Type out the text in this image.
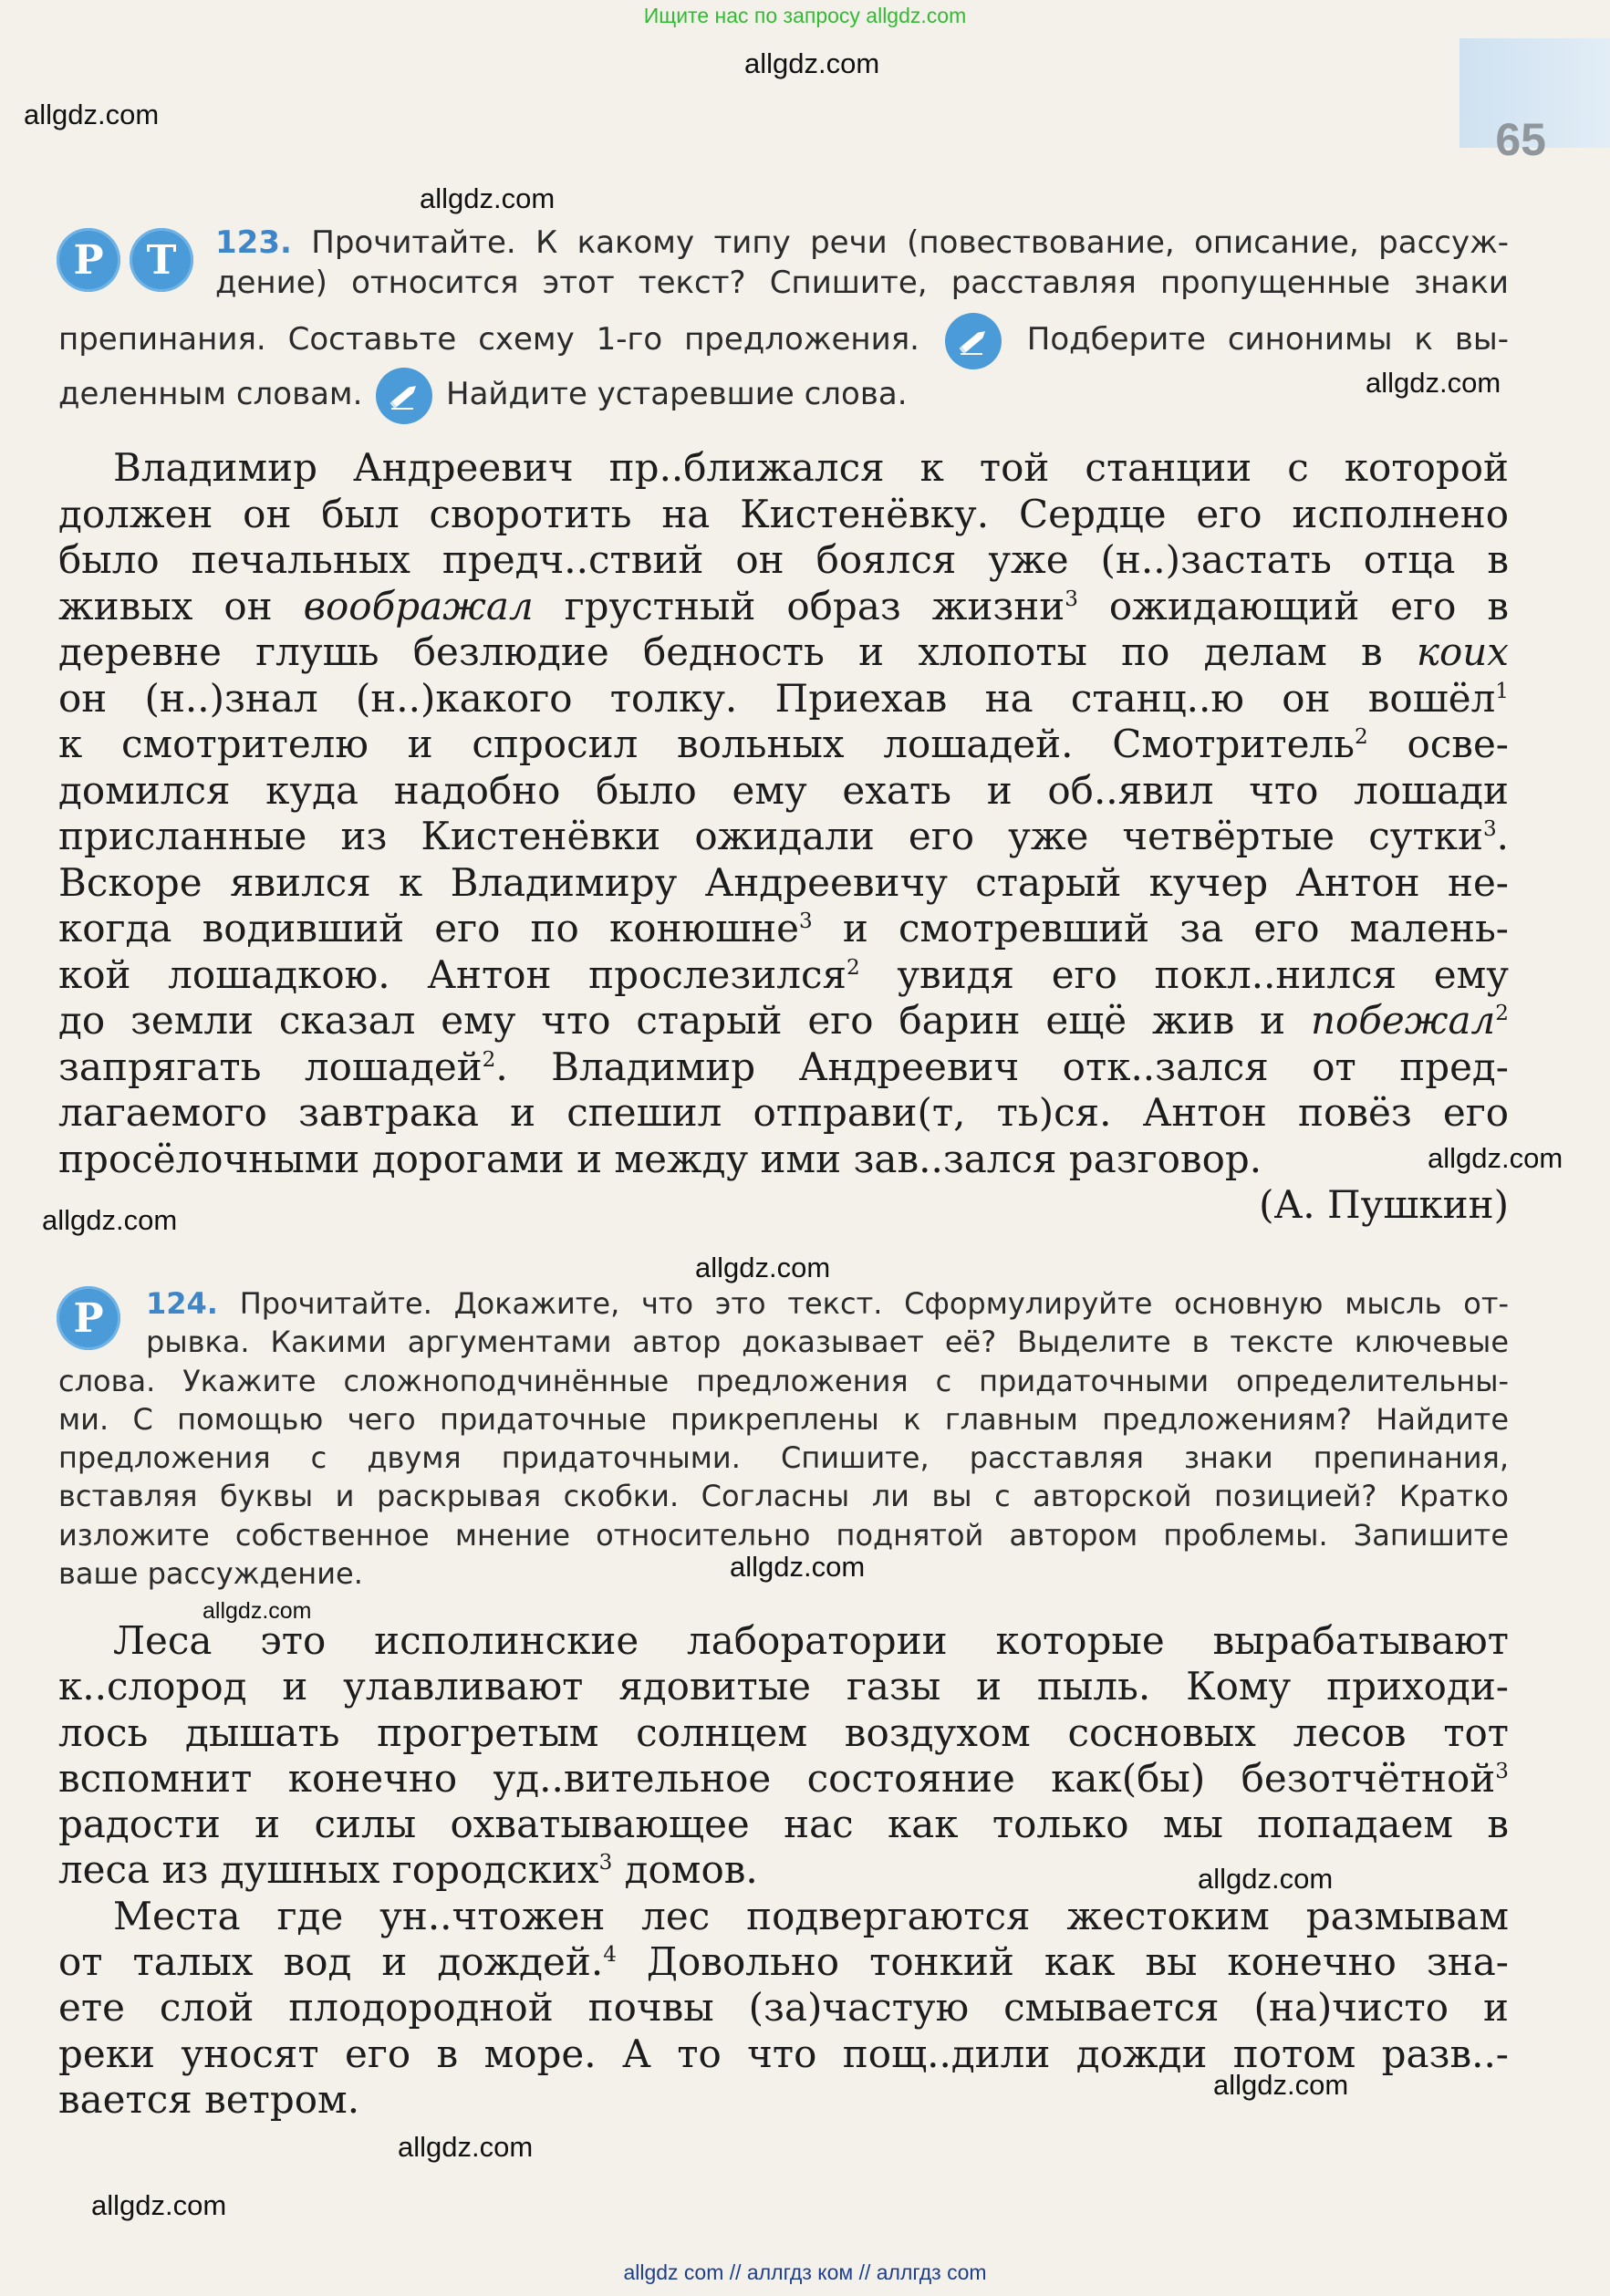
65
Ищите нас по запросу allgdz.com
allgdz.com
allgdz.com
allgdz.com
allgdz.com
allgdz.com
allgdz.com
allgdz.com
allgdz.com
allgdz.com
allgdz.com
allgdz.com
allgdz.com
allgdz.com
allgdz com // аллгдз ком // аллгдз com
Р	Т	123. Прочитайте. К какому типу речи (повествование, описание, рассуж-
дение) относится этот текст? Спишите, расставляя пропущенные знаки
препинания. Составьте схему 1-го предложения.	Подберите синонимы к вы-
деленным словам.	Найдите устаревшие слова.
Владимир Андреевич пр..ближался к той станции с которой
должен он был своротить на Кистенёвку. Сердце его исполнено
было печальных предч..ствий он боялся уже (н..)застать отца в
живых он воображал грустный образ жизни$^3$ ожидающий его в
деревне глушь безлюдие бедность и хлопоты по делам в коих
он (н..)знал (н..)какого толку. Приехав на станц..ю он вошёл$^1$
к смотрителю и спросил вольных лошадей. Смотритель$^2$ осве-
домился куда надобно было ему ехать и об..явил что лошади
присланные из Кистенёвки ожидали его уже четвёртые сутки$^3$.
Вскоре явился к Владимиру Андреевичу старый кучер Антон не-
когда водивший его по конюшне$^3$ и смотревший за его малень-
кой лошадкою. Антон прослезился$^2$ увидя его покл..нился ему
до земли сказал ему что старый его барин ещё жив и побежал$^2$
запрягать лошадей$^2$. Владимир Андреевич отк..зался от пред-
лагаемого завтрака и спешил отправи(т, ть)ся. Антон повёз его
просёлочными дорогами и между ими зав..зался разговор.
(А. Пушкин)
Р	124. Прочитайте. Докажите, что это текст. Сформулируйте основную мысль от-
рывка. Какими аргументами автор доказывает её? Выделите в тексте ключевые
слова. Укажите сложноподчинённые предложения с придаточными определительны-
ми. С помощью чего придаточные прикреплены к главным предложениям? Найдите
предложения с двумя придаточными. Спишите, расставляя знаки препинания,
вставляя буквы и раскрывая скобки. Согласны ли вы с авторской позицией? Кратко
изложите собственное мнение относительно поднятой автором проблемы. Запишите
ваше рассуждение.
Леса это исполинские лаборатории которые вырабатывают
к..слород и улавливают ядовитые газы и пыль. Кому приходи-
лось дышать прогретым солнцем воздухом сосновых лесов тот
вспомнит конечно уд..вительное состояние как(бы) безотчётной$^3$
радости и силы охватывающее нас как только мы попадаем в
леса из душных городских$^3$ домов.
Места где ун..чтожен лес подвергаются жестоким размывам
от талых вод и дождей.$^4$ Довольно тонкий как вы конечно зна-
ете слой плодородной почвы (за)частую смывается (на)чисто и
реки уносят его в море. А то что пощ..дили дожди потом разв..-
вается ветром.
